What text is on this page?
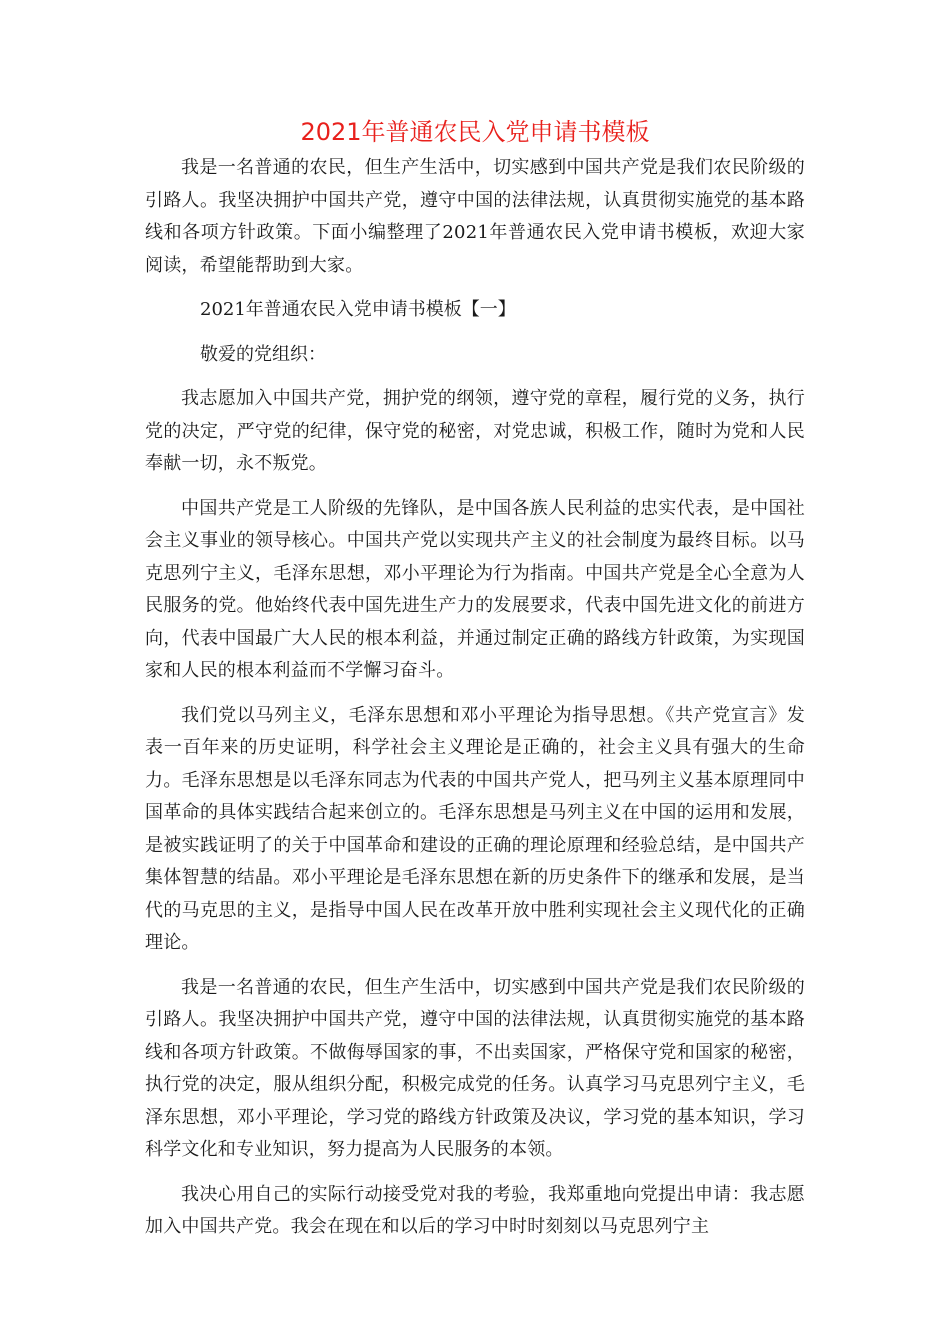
2021年普通农民入党申请书模板

我是一名普通的农民，但生产生活中，切实感到中国共产党是我们农民阶级的引路人。我坚决拥护中国共产党，遵守中国的法律法规，认真贯彻实施党的基本路线和各项方针政策。下面小编整理了2021年普通农民入党申请书模板，欢迎大家阅读，希望能帮助到大家。

2021年普通农民入党申请书模板【一】

敬爱的党组织：

我志愿加入中国共产党，拥护党的纲领，遵守党的章程，履行党的义务，执行党的决定，严守党的纪律，保守党的秘密，对党忠诚，积极工作，随时为党和人民奉献一切，永不叛党。

中国共产党是工人阶级的先锋队，是中国各族人民利益的忠实代表，是中国社会主义事业的领导核心。中国共产党以实现共产主义的社会制度为最终目标。以马克思列宁主义，毛泽东思想，邓小平理论为行为指南。中国共产党是全心全意为人民服务的党。他始终代表中国先进生产力的发展要求，代表中国先进文化的前进方向，代表中国最广大人民的根本利益，并通过制定正确的路线方针政策，为实现国家和人民的根本利益而不学懈习奋斗。

我们党以马列主义，毛泽东思想和邓小平理论为指导思想。《共产党宣言》发表一百年来的历史证明，科学社会主义理论是正确的，社会主义具有强大的生命力。毛泽东思想是以毛泽东同志为代表的中国共产党人，把马列主义基本原理同中国革命的具体实践结合起来创立的。毛泽东思想是马列主义在中国的运用和发展，是被实践证明了的关于中国革命和建设的正确的理论原理和经验总结，是中国共产集体智慧的结晶。邓小平理论是毛泽东思想在新的历史条件下的继承和发展，是当代的马克思的主义，是指导中国人民在改革开放中胜利实现社会主义现代化的正确理论。

我是一名普通的农民，但生产生活中，切实感到中国共产党是我们农民阶级的引路人。我坚决拥护中国共产党，遵守中国的法律法规，认真贯彻实施党的基本路线和各项方针政策。不做侮辱国家的事，不出卖国家，严格保守党和国家的秘密，执行党的决定，服从组织分配，积极完成党的任务。认真学习马克思列宁主义，毛泽东思想，邓小平理论，学习党的路线方针政策及决议，学习党的基本知识，学习科学文化和专业知识，努力提高为人民服务的本领。

我决心用自己的实际行动接受党对我的考验，我郑重地向党提出申请：我志愿加入中国共产党。我会在现在和以后的学习中时时刻刻以马克思列宁主
